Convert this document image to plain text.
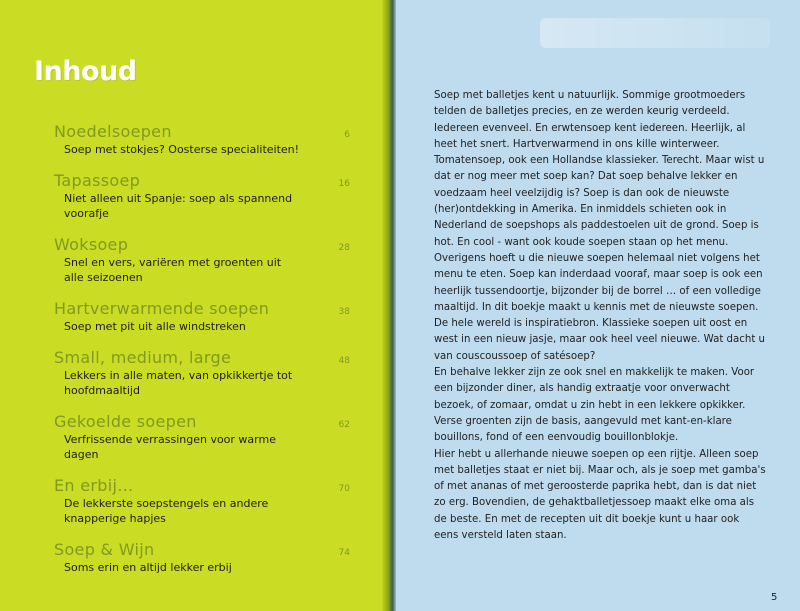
Inhoud
Noedelsoepen	6
Soep met stokjes? Oosterse specialiteiten!
Tapassoep	16
Niet alleen uit Spanje: soep als spannend voorafje
Woksoep	28
Snel en vers, variëren met groenten uit alle seizoenen
Hartverwarmende soepen	38
Soep met pit uit alle windstreken
Small, medium, large	48
Lekkers in alle maten, van opkikkertje tot hoofdmaaltijd
Gekoelde soepen	62
Verfrissende verrassingen voor warme dagen
En erbij…	70
De lekkerste soepstengels en andere knapperige hapjes
Soep & Wijn	74
Soms erin en altijd lekker erbij

Soep met balletjes kent u natuurlijk. Sommige grootmoeders telden de balletjes precies, en ze werden keurig verdeeld. Iedereen evenveel. En erwtensoep kent iedereen. Heerlijk, al heet het snert. Hartverwarmend in ons kille winterweer. Tomatensoep, ook een Hollandse klassieker. Terecht. Maar wist u dat er nog meer met soep kan? Dat soep behalve lekker en voedzaam heel veelzijdig is? Soep is dan ook de nieuwste (her)ontdekking in Amerika. En inmiddels schieten ook in Nederland de soepshops als paddestoelen uit de grond. Soep is hot. En cool - want ook koude soepen staan op het menu.

Overigens hoeft u die nieuwe soepen helemaal niet volgens het menu te eten. Soep kan inderdaad vooraf, maar soep is ook een heerlijk tussendoortje, bijzonder bij de borrel … of een volledige maaltijd. In dit boekje maakt u kennis met de nieuwste soepen. De hele wereld is inspiratiebron. Klassieke soepen uit oost en west in een nieuw jasje, maar ook heel veel nieuwe. Wat dacht u van couscoussoep of satésoep?

En behalve lekker zijn ze ook snel en makkelijk te maken. Voor een bijzonder diner, als handig extraatje voor onverwacht bezoek, of zomaar, omdat u zin hebt in een lekkere opkikker. Verse groenten zijn de basis, aangevuld met kant-en-klare bouillons, fond of een eenvoudig bouillonblokje.

Hier hebt u allerhande nieuwe soepen op een rijtje. Alleen soep met balletjes staat er niet bij. Maar och, als je soep met gamba's of met ananas of met geroosterde paprika hebt, dan is dat niet zo erg. Bovendien, de gehaktballetjessoep maakt elke oma als de beste. En met de recepten uit dit boekje kunt u haar ook eens versteld laten staan.

5
